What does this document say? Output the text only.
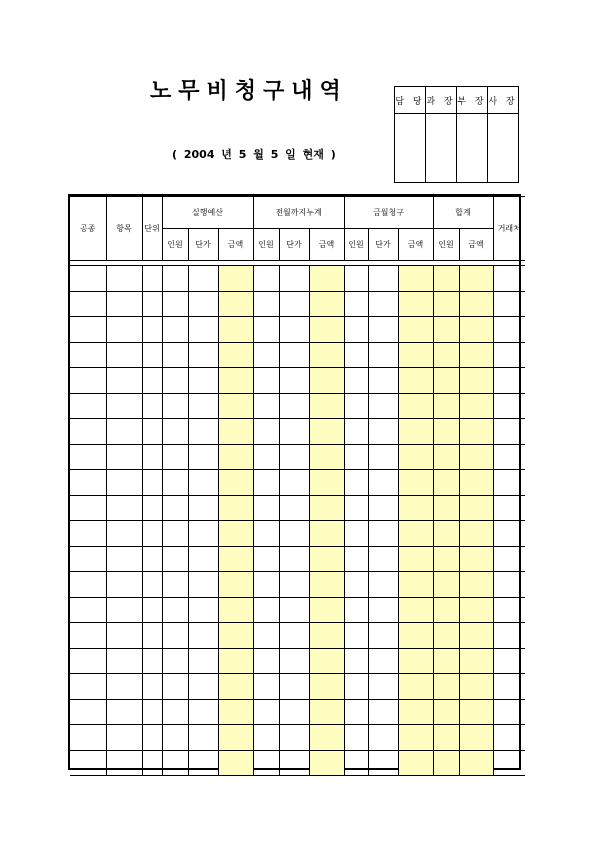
노무비청구내역
( 2004 년 5 월 5 일 현재 )
담 당	과 장	부 장	사 장

공종	항목	단위	실행예산			전월까지누계			금월청구			합계		거래처
			인원	단가	금액	인원	단가	금액	인원	단가	금액	인원	금액	
